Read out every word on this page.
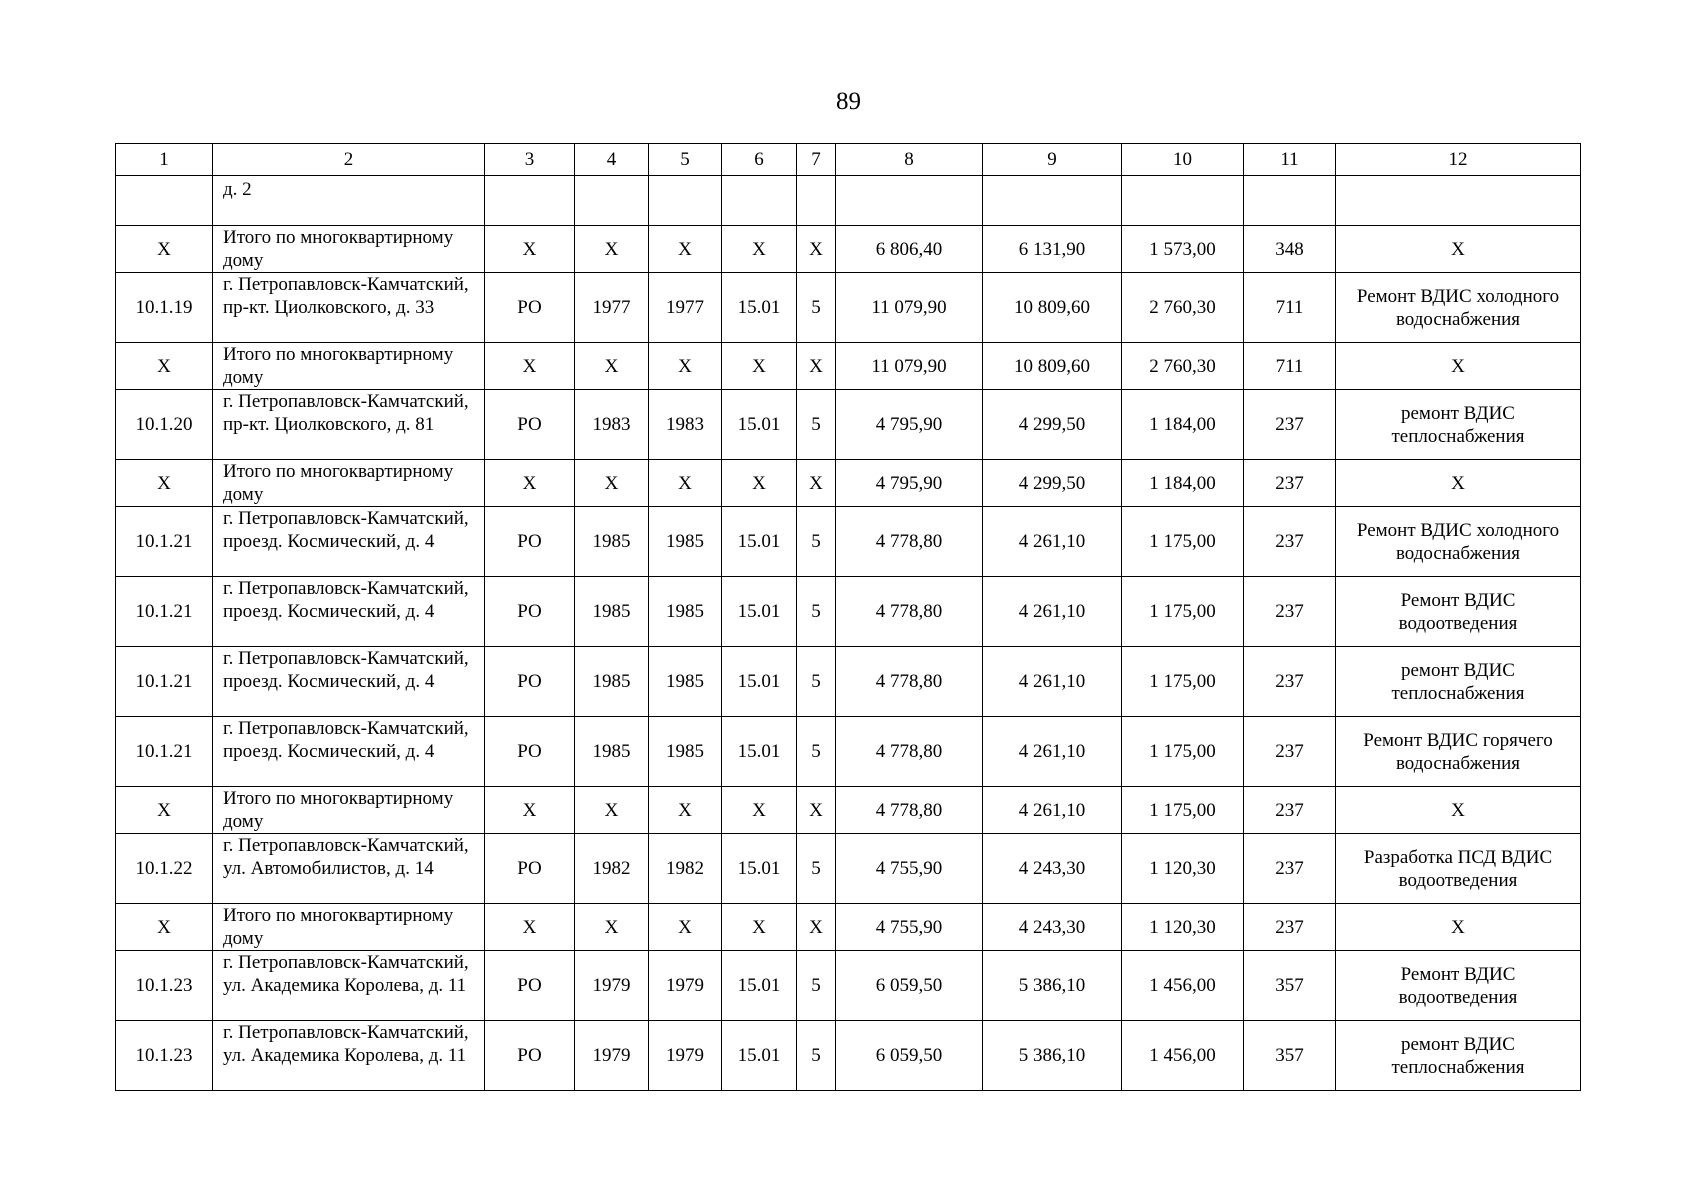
89
1	2	3	4	5	6	7	8	9	10	11	12
	д. 2										
Х	Итого по многоквартирному дому	Х	Х	Х	Х	Х	6 806,40	6 131,90	1 573,00	348	Х
10.1.19	г. Петропавловск-Камчатский, пр-кт. Циолковского, д. 33	РО	1977	1977	15.01	5	11 079,90	10 809,60	2 760,30	711	Ремонт ВДИС холодного водоснабжения
Х	Итого по многоквартирному дому	Х	Х	Х	Х	Х	11 079,90	10 809,60	2 760,30	711	Х
10.1.20	г. Петропавловск-Камчатский, пр-кт. Циолковского, д. 81	РО	1983	1983	15.01	5	4 795,90	4 299,50	1 184,00	237	ремонт ВДИС теплоснабжения
Х	Итого по многоквартирному дому	Х	Х	Х	Х	Х	4 795,90	4 299,50	1 184,00	237	Х
10.1.21	г. Петропавловск-Камчатский, проезд. Космический, д. 4	РО	1985	1985	15.01	5	4 778,80	4 261,10	1 175,00	237	Ремонт ВДИС холодного водоснабжения
10.1.21	г. Петропавловск-Камчатский, проезд. Космический, д. 4	РО	1985	1985	15.01	5	4 778,80	4 261,10	1 175,00	237	Ремонт ВДИС водоотведения
10.1.21	г. Петропавловск-Камчатский, проезд. Космический, д. 4	РО	1985	1985	15.01	5	4 778,80	4 261,10	1 175,00	237	ремонт ВДИС теплоснабжения
10.1.21	г. Петропавловск-Камчатский, проезд. Космический, д. 4	РО	1985	1985	15.01	5	4 778,80	4 261,10	1 175,00	237	Ремонт ВДИС горячего водоснабжения
Х	Итого по многоквартирному дому	Х	Х	Х	Х	Х	4 778,80	4 261,10	1 175,00	237	Х
10.1.22	г. Петропавловск-Камчатский, ул. Автомобилистов, д. 14	РО	1982	1982	15.01	5	4 755,90	4 243,30	1 120,30	237	Разработка ПСД ВДИС водоотведения
Х	Итого по многоквартирному дому	Х	Х	Х	Х	Х	4 755,90	4 243,30	1 120,30	237	Х
10.1.23	г. Петропавловск-Камчатский, ул. Академика Королева, д. 11	РО	1979	1979	15.01	5	6 059,50	5 386,10	1 456,00	357	Ремонт ВДИС водоотведения
10.1.23	г. Петропавловск-Камчатский, ул. Академика Королева, д. 11	РО	1979	1979	15.01	5	6 059,50	5 386,10	1 456,00	357	ремонт ВДИС теплоснабжения
